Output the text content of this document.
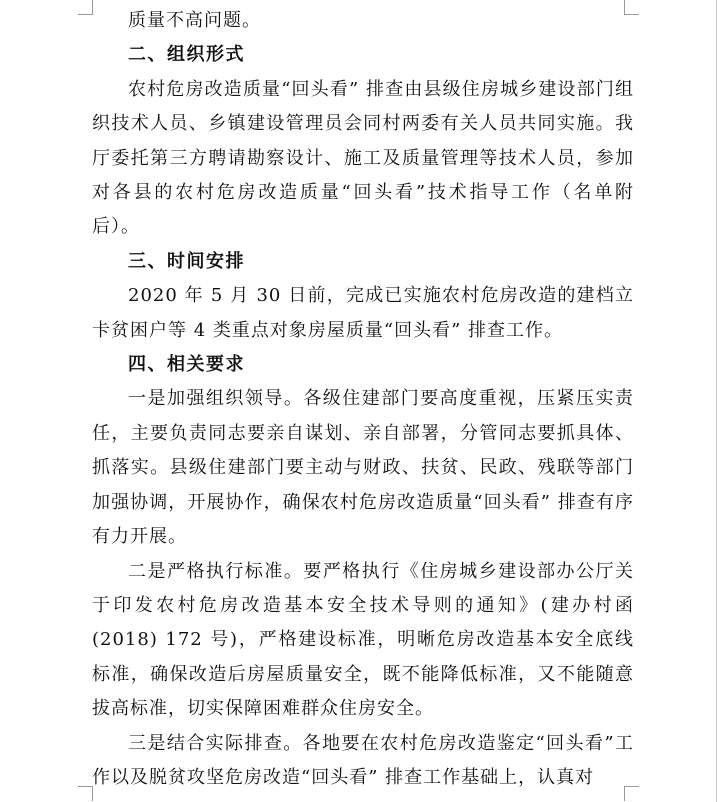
质量不高问题。

二、组织形式

农村危房改造质量“回头看” 排查由县级住房城乡建设部门组织技术人员、乡镇建设管理员会同村两委有关人员共同实施。我厅委托第三方聘请勘察设计、施工及质量管理等技术人员，参加对各县的农村危房改造质量“回头看”技术指导工作（名单附后）。

三、时间安排

2020 年 5 月 30 日前，完成已实施农村危房改造的建档立卡贫困户等 4 类重点对象房屋质量“回头看” 排查工作。

四、相关要求

一是加强组织领导。各级住建部门要高度重视，压紧压实责任，主要负责同志要亲自谋划、亲自部署，分管同志要抓具体、抓落实。县级住建部门要主动与财政、扶贫、民政、残联等部门加强协调，开展协作，确保农村危房改造质量“回头看” 排查有序有力开展。

二是严格执行标准。要严格执行《住房城乡建设部办公厅关于印发农村危房改造基本安全技术导则的通知》(建办村函(2018) 172 号)，严格建设标准，明晰危房改造基本安全底线标准，确保改造后房屋质量安全，既不能降低标准，又不能随意拔高标准，切实保障困难群众住房安全。

三是结合实际排查。各地要在农村危房改造鉴定“回头看”工作以及脱贫攻坚危房改造“回头看” 排查工作基础上，认真对
